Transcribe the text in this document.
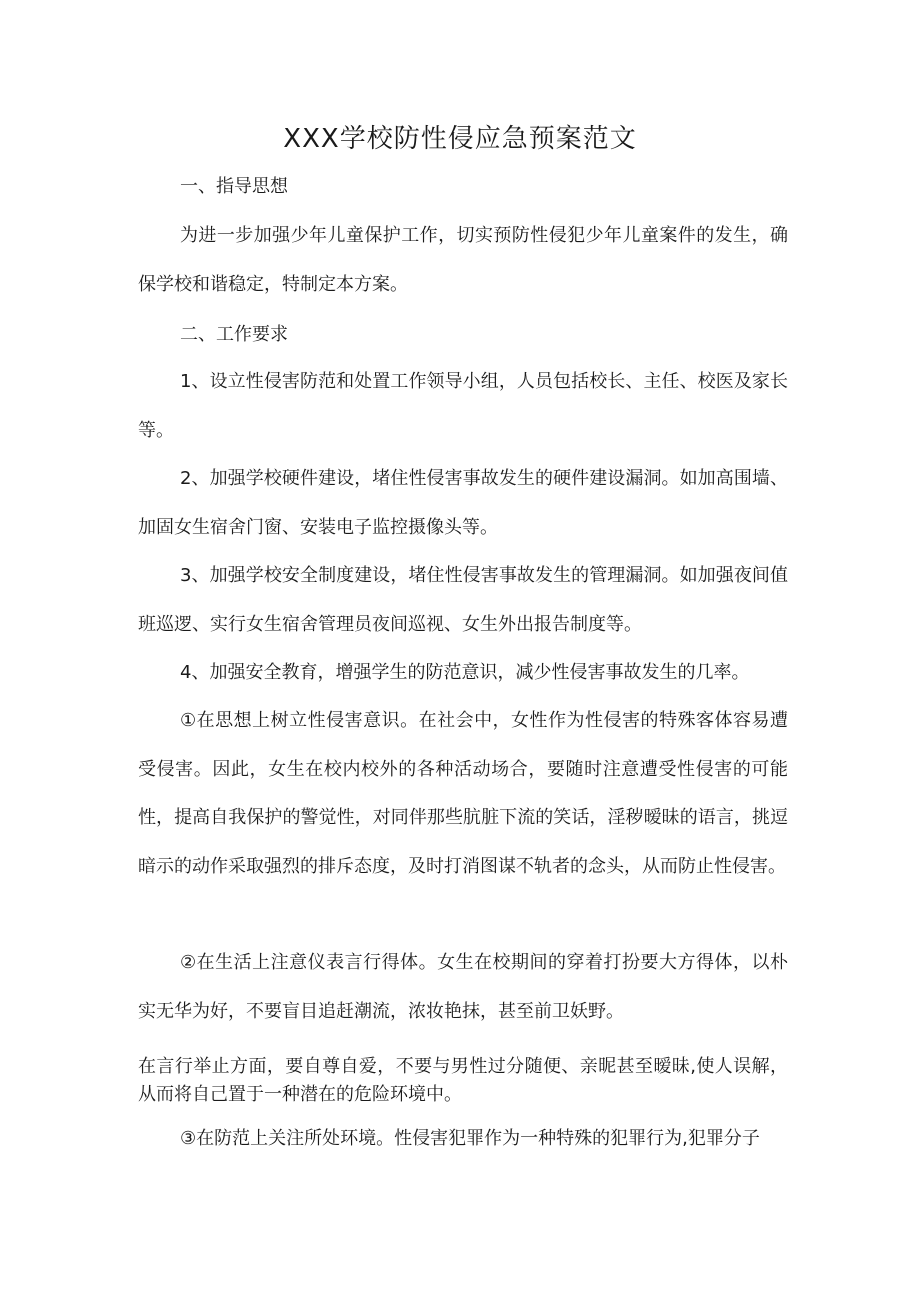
XXX学校防性侵应急预案范文
一、指导思想
为进一步加强少年儿童保护工作，切实预防性侵犯少年儿童案件的发生，确保学校和谐稳定，特制定本方案。
二、工作要求
1、设立性侵害防范和处置工作领导小组，人员包括校长、主任、校医及家长等。
2、加强学校硬件建设，堵住性侵害事故发生的硬件建设漏洞。如加高围墙、加固女生宿舍门窗、安装电子监控摄像头等。
3、加强学校安全制度建设，堵住性侵害事故发生的管理漏洞。如加强夜间值班巡逻、实行女生宿舍管理员夜间巡视、女生外出报告制度等。
4、加强安全教育，增强学生的防范意识，减少性侵害事故发生的几率。
①在思想上树立性侵害意识。在社会中，女性作为性侵害的特殊客体容易遭受侵害。因此，女生在校内校外的各种活动场合，要随时注意遭受性侵害的可能性，提高自我保护的警觉性，对同伴那些肮脏下流的笑话，淫秽暧昧的语言，挑逗暗示的动作采取强烈的排斥态度，及时打消图谋不轨者的念头，从而防止性侵害。
②在生活上注意仪表言行得体。女生在校期间的穿着打扮要大方得体，以朴实无华为好，不要盲目追赶潮流，浓妆艳抹，甚至前卫妖野。
在言行举止方面，要自尊自爱，不要与男性过分随便、亲昵甚至暧昧,使人误解，从而将自己置于一种潜在的危险环境中。
③在防范上关注所处环境。性侵害犯罪作为一种特殊的犯罪行为,犯罪分子
